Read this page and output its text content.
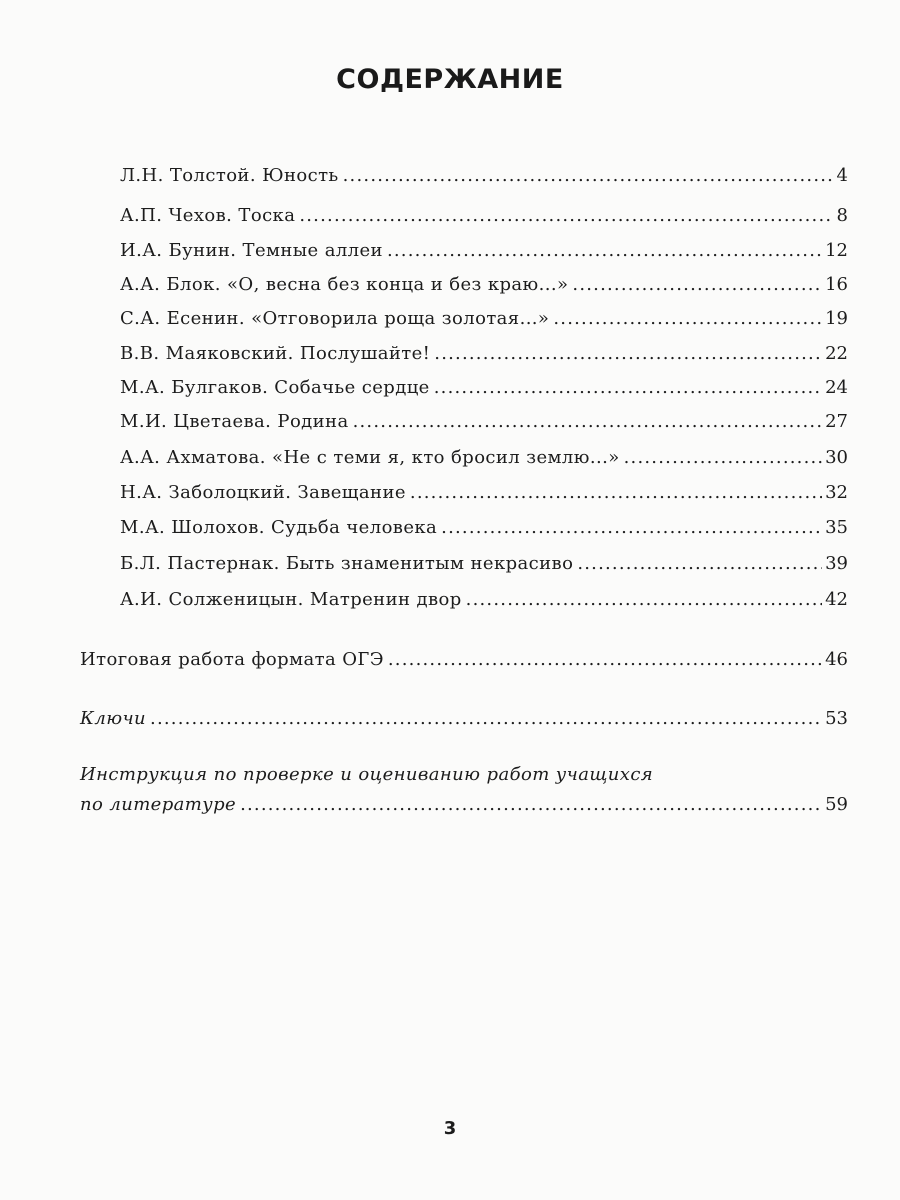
СОДЕРЖАНИЕ
Л.Н. Толстой. Юность .....	4
А.П. Чехов. Тоска .....	8
И.А. Бунин. Темные аллеи .....	12
А.А. Блок. «О, весна без конца и без краю...» .....	16
С.А. Есенин. «Отговорила роща золотая...» .....	19
В.В. Маяковский. Послушайте! .....	22
М.А. Булгаков. Собачье сердце .....	24
М.И. Цветаева. Родина .....	27
А.А. Ахматова. «Не с теми я, кто бросил землю...» .....	30
Н.А. Заболоцкий. Завещание .....	32
М.А. Шолохов. Судьба человека .....	35
Б.Л. Пастернак. Быть знаменитым некрасиво .....	39
А.И. Солженицын. Матренин двор .....	42
Итоговая работа формата ОГЭ .....	46
Ключи .....	53
Инструкция по проверке и оцениванию работ учащихся
по литературе .....	59
3
